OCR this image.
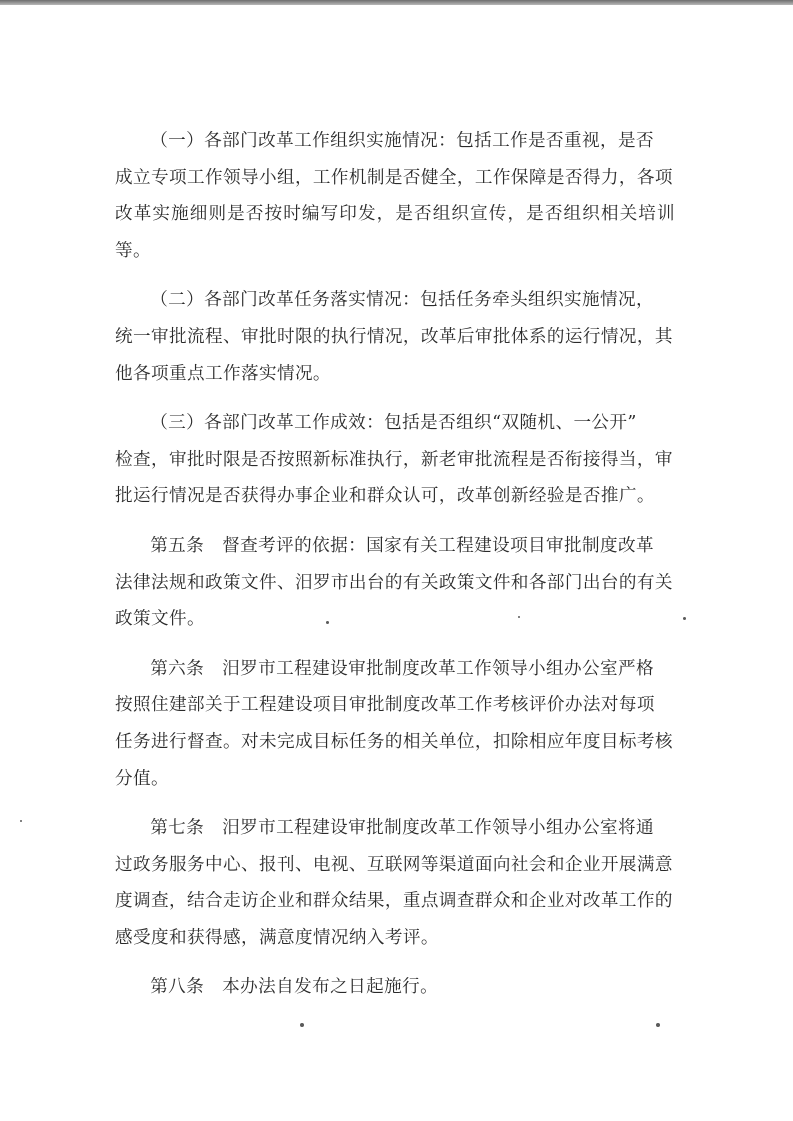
（一）各部门改革工作组织实施情况：包括工作是否重视，是否
成立专项工作领导小组，工作机制是否健全，工作保障是否得力，各项
改革实施细则是否按时编写印发，是否组织宣传，是否组织相关培训等。
（二）各部门改革任务落实情况：包括任务牵头组织实施情况，
统一审批流程、审批时限的执行情况，改革后审批体系的运行情况，其
他各项重点工作落实情况。
（三）各部门改革工作成效：包括是否组织“双随机、一公开”
检查，审批时限是否按照新标准执行，新老审批流程是否衔接得当，审
批运行情况是否获得办事企业和群众认可，改革创新经验是否推广。
第五条　督查考评的依据：国家有关工程建设项目审批制度改革
法律法规和政策文件、汨罗市出台的有关政策文件和各部门出台的有关
政策文件。
第六条　汨罗市工程建设审批制度改革工作领导小组办公室严格
按照住建部关于工程建设项目审批制度改革工作考核评价办法对每项
任务进行督查。对未完成目标任务的相关单位，扣除相应年度目标考核
分值。
第七条　汨罗市工程建设审批制度改革工作领导小组办公室将通
过政务服务中心、报刊、电视、互联网等渠道面向社会和企业开展满意
度调查，结合走访企业和群众结果，重点调查群众和企业对改革工作的
感受度和获得感，满意度情况纳入考评。
第八条　本办法自发布之日起施行。
